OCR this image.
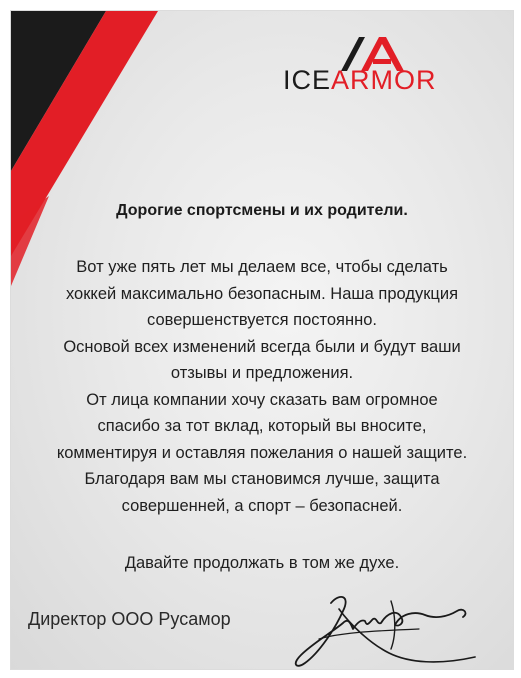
ICEARMOR
Дорогие спортсмены и их родители.
Вот уже пять лет мы делаем все, чтобы сделать
хоккей максимально безопасным. Наша продукция
совершенствуется постоянно.
Основой всех изменений всегда были и будут ваши
отзывы и предложения.
От лица компании хочу сказать вам огромное
спасибо за тот вклад, который вы вносите,
комментируя и оставляя пожелания о нашей защите.
Благодаря вам мы становимся лучше, защита
совершенней, а спорт – безопасней.
Давайте продолжать в том же духе.
Директор ООО Русамор
